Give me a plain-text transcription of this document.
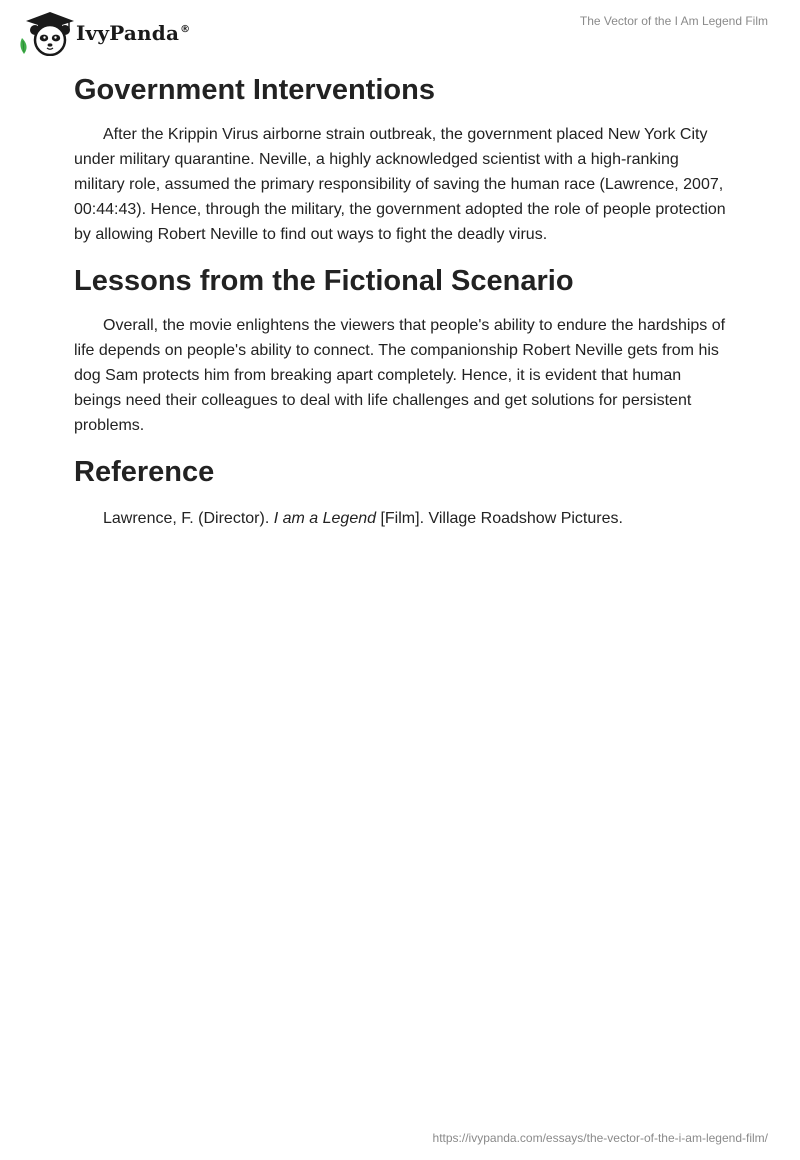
IvyPanda®
The Vector of the I Am Legend Film
Government Interventions

After the Krippin Virus airborne strain outbreak, the government placed New York City under military quarantine. Neville, a highly acknowledged scientist with a high-ranking military role, assumed the primary responsibility of saving the human race (Lawrence, 2007, 00:44:43). Hence, through the military, the government adopted the role of people protection by allowing Robert Neville to find out ways to fight the deadly virus.

Lessons from the Fictional Scenario

Overall, the movie enlightens the viewers that people's ability to endure the hardships of life depends on people's ability to connect. The companionship Robert Neville gets from his dog Sam protects him from breaking apart completely. Hence, it is evident that human beings need their colleagues to deal with life challenges and get solutions for persistent problems.

Reference

Lawrence, F. (Director). I am a Legend [Film]. Village Roadshow Pictures.

https://ivypanda.com/essays/the-vector-of-the-i-am-legend-film/
